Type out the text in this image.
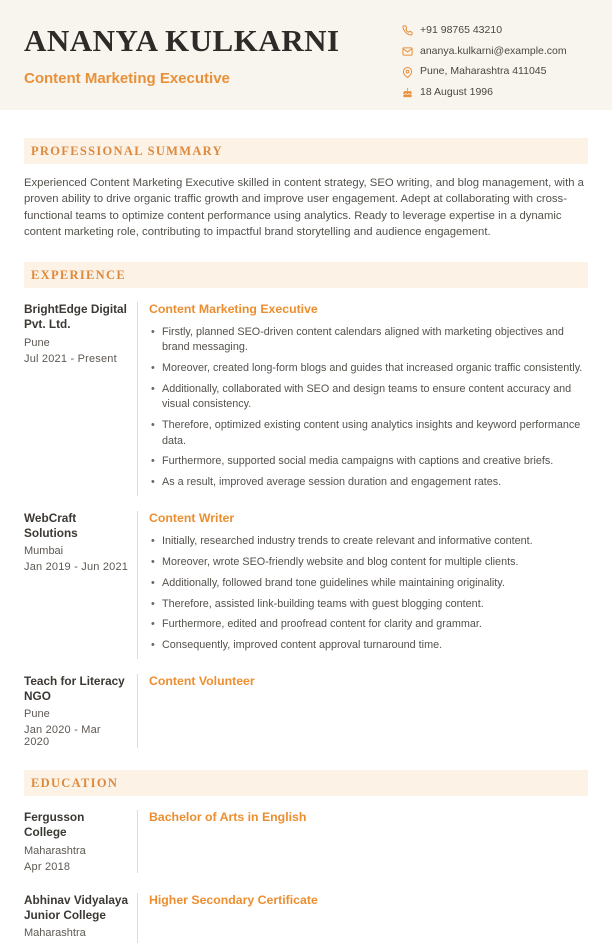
ANANYA KULKARNI
Content Marketing Executive
+91 98765 43210
ananya.kulkarni@example.com
Pune, Maharashtra 411045
18 August 1996
PROFESSIONAL SUMMARY

Experienced Content Marketing Executive skilled in content strategy, SEO writing, and blog management, with a proven ability to drive organic traffic growth and improve user engagement. Adept at collaborating with cross-functional teams to optimize content performance using analytics. Ready to leverage expertise in a dynamic content marketing role, contributing to impactful brand storytelling and audience engagement.

EXPERIENCE
BrightEdge Digital Pvt. Ltd.
Pune
Jul 2021 - Present
Content Marketing Executive
• Firstly, planned SEO-driven content calendars aligned with marketing objectives and brand messaging.
• Moreover, created long-form blogs and guides that increased organic traffic consistently.
• Additionally, collaborated with SEO and design teams to ensure content accuracy and visual consistency.
• Therefore, optimized existing content using analytics insights and keyword performance data.
• Furthermore, supported social media campaigns with captions and creative briefs.
• As a result, improved average session duration and engagement rates.
WebCraft Solutions
Mumbai
Jan 2019 - Jun 2021
Content Writer
• Initially, researched industry trends to create relevant and informative content.
• Moreover, wrote SEO-friendly website and blog content for multiple clients.
• Additionally, followed brand tone guidelines while maintaining originality.
• Therefore, assisted link-building teams with guest blogging content.
• Furthermore, edited and proofread content for clarity and grammar.
• Consequently, improved content approval turnaround time.
Teach for Literacy NGO
Pune
Jan 2020 - Mar 2020
Content Volunteer
EDUCATION
Fergusson College
Maharashtra
Apr 2018
Bachelor of Arts in English
Abhinav Vidyalaya Junior College
Maharashtra
Higher Secondary Certificate
